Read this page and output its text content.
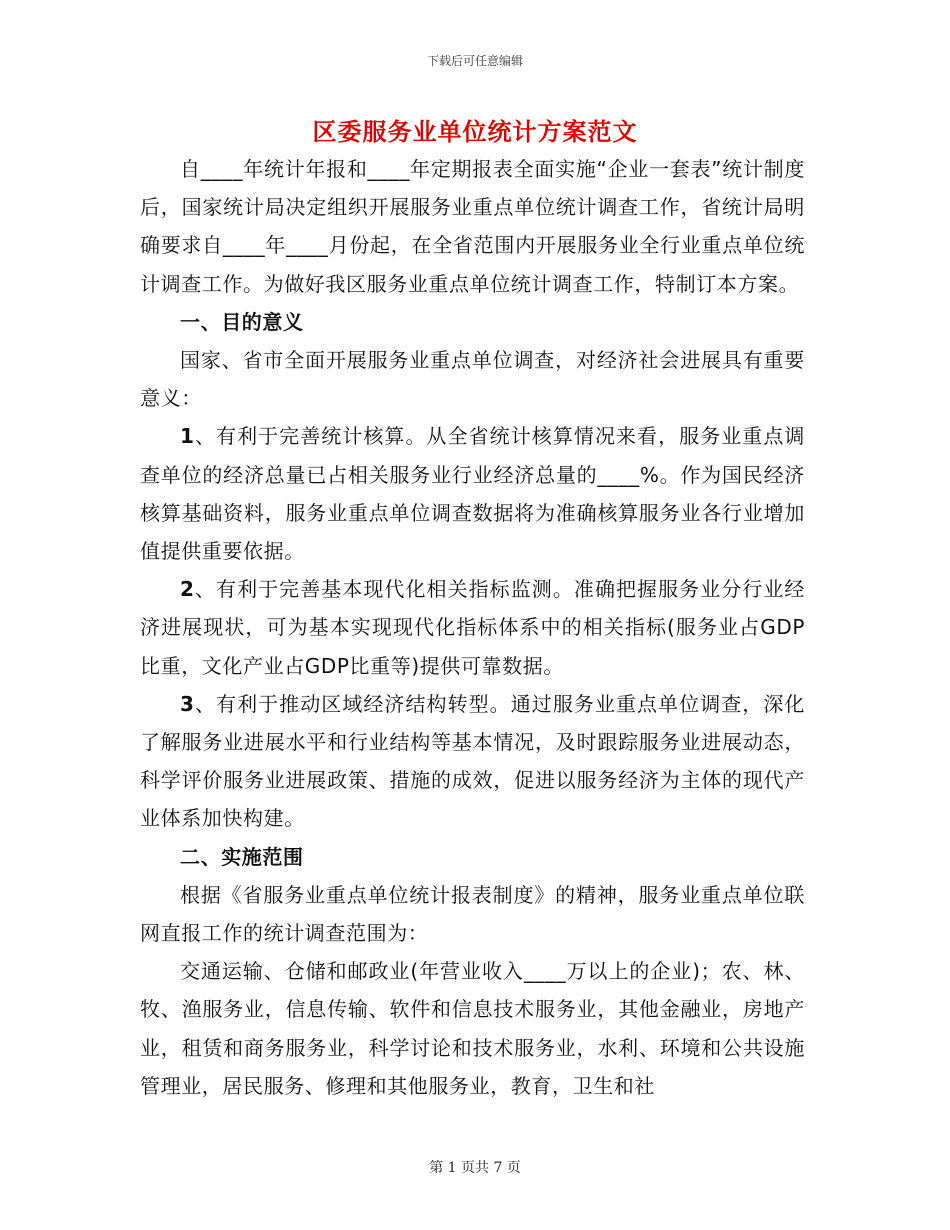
下载后可任意编辑
区委服务业单位统计方案范文

自____年统计年报和____年定期报表全面实施“企业一套表”统计制度后，国家统计局决定组织开展服务业重点单位统计调查工作，省统计局明确要求自____年____月份起，在全省范围内开展服务业全行业重点单位统计调查工作。为做好我区服务业重点单位统计调查工作，特制订本方案。

一、目的意义

国家、省市全面开展服务业重点单位调查，对经济社会进展具有重要意义：

1、有利于完善统计核算。从全省统计核算情况来看，服务业重点调查单位的经济总量已占相关服务业行业经济总量的____%。作为国民经济核算基础资料，服务业重点单位调查数据将为准确核算服务业各行业增加值提供重要依据。

2、有利于完善基本现代化相关指标监测。准确把握服务业分行业经济进展现状，可为基本实现现代化指标体系中的相关指标(服务业占GDP比重，文化产业占GDP比重等)提供可靠数据。

3、有利于推动区域经济结构转型。通过服务业重点单位调查，深化了解服务业进展水平和行业结构等基本情况，及时跟踪服务业进展动态，科学评价服务业进展政策、措施的成效，促进以服务经济为主体的现代产业体系加快构建。

二、实施范围

根据《省服务业重点单位统计报表制度》的精神，服务业重点单位联网直报工作的统计调查范围为：

交通运输、仓储和邮政业(年营业收入____万以上的企业)；农、林、牧、渔服务业，信息传输、软件和信息技术服务业，其他金融业，房地产业，租赁和商务服务业，科学讨论和技术服务业，水利、环境和公共设施管理业，居民服务、修理和其他服务业，教育，卫生和社

第 1 页共 7 页
